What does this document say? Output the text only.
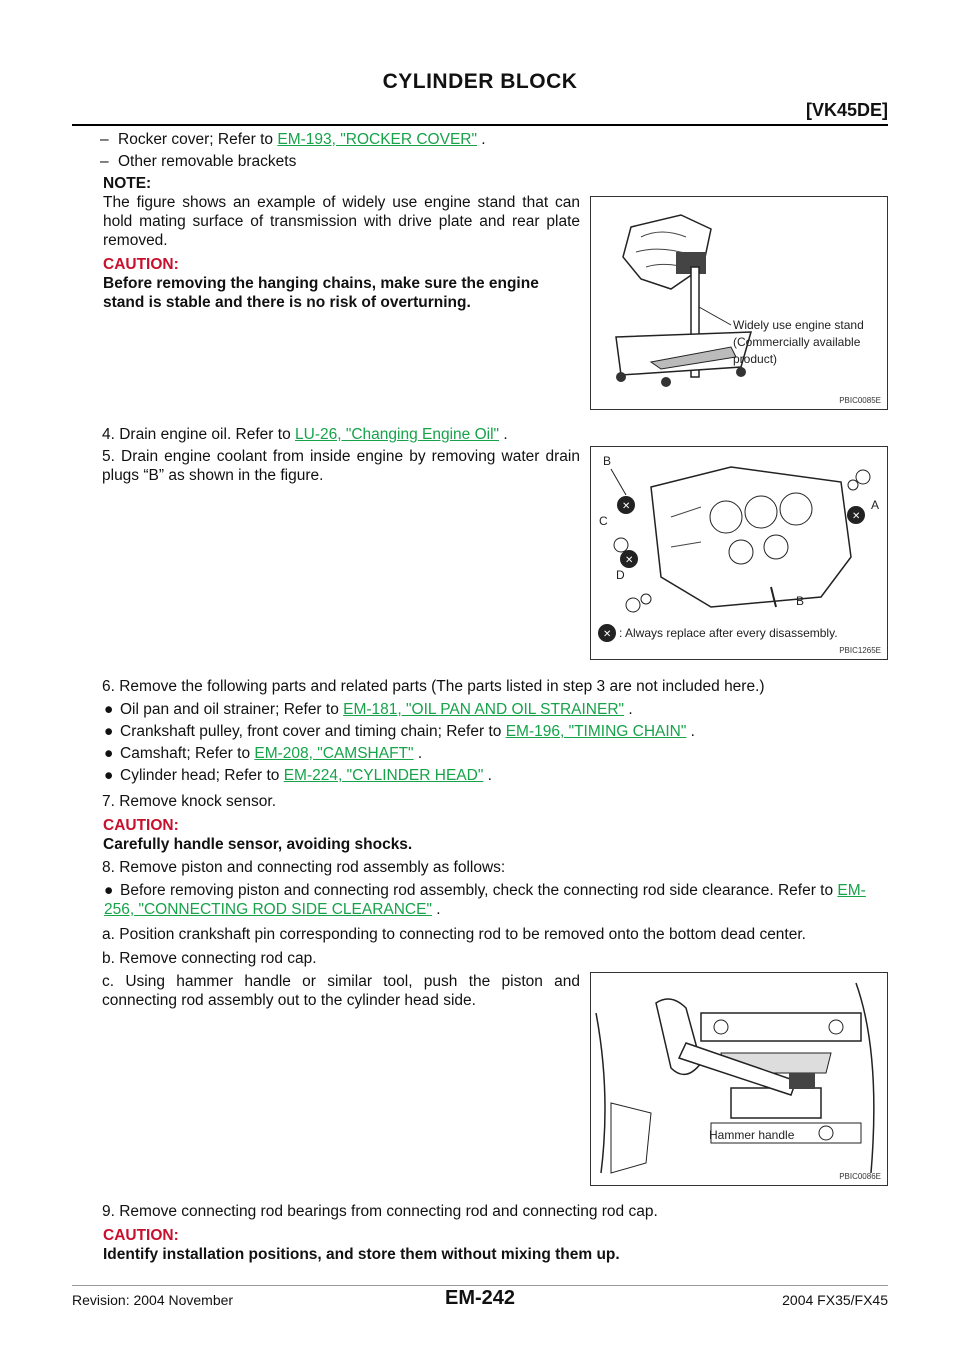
CYLINDER BLOCK
[VK45DE]
– Rocker cover; Refer to EM-193, "ROCKER COVER" .
– Other removable brackets
NOTE:
The figure shows an example of widely use engine stand that can hold mating surface of transmission with drive plate and rear plate removed.
CAUTION:
Before removing the hanging chains, make sure the engine stand is stable and there is no risk of overturning.
Widely use engine stand
(Commercially available
product)
PBIC0085E
4. Drain engine oil. Refer to LU-26, "Changing Engine Oil" .
5. Drain engine coolant from inside engine by removing water drain plugs “B” as shown in the figure.
B
✕
C
✕
D
✕
A
B
✕ : Always replace after every disassembly.
PBIC1265E
6. Remove the following parts and related parts (The parts listed in step 3 are not included here.)
● Oil pan and oil strainer; Refer to EM-181, "OIL PAN AND OIL STRAINER" .
● Crankshaft pulley, front cover and timing chain; Refer to EM-196, "TIMING CHAIN" .
● Camshaft; Refer to EM-208, "CAMSHAFT" .
● Cylinder head; Refer to EM-224, "CYLINDER HEAD" .
7. Remove knock sensor.
CAUTION:
Carefully handle sensor, avoiding shocks.
8. Remove piston and connecting rod assembly as follows:
● Before removing piston and connecting rod assembly, check the connecting rod side clearance. Refer to EM-256, "CONNECTING ROD SIDE CLEARANCE" .
a. Position crankshaft pin corresponding to connecting rod to be removed onto the bottom dead center.
b. Remove connecting rod cap.
c. Using hammer handle or similar tool, push the piston and connecting rod assembly out to the cylinder head side.
Hammer handle
PBIC0086E
9. Remove connecting rod bearings from connecting rod and connecting rod cap.
CAUTION:
Identify installation positions, and store them without mixing them up.
Revision: 2004 November	EM-242	2004 FX35/FX45
